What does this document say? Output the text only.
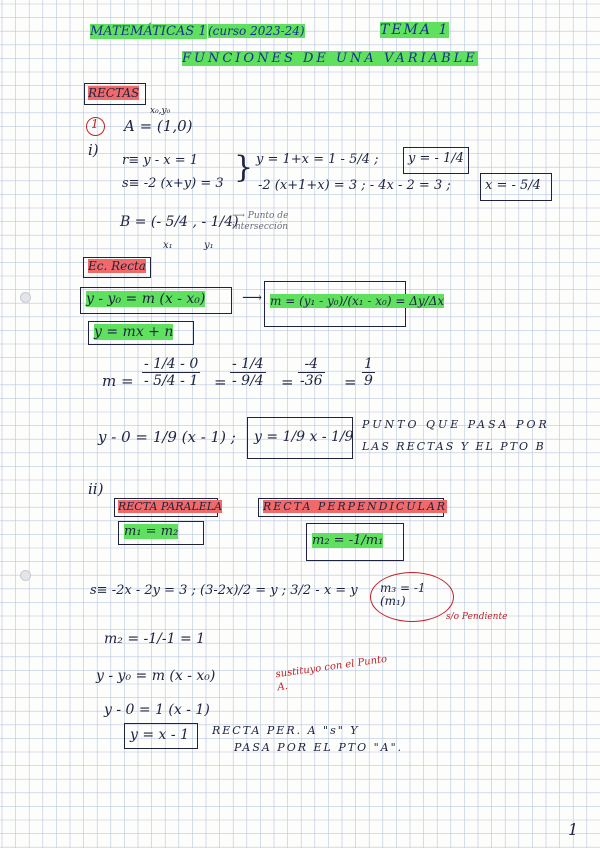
MATEMÁTICAS 1 (curso 2023-24)	TEMA 1
FUNCIONES DE UNA VARIABLE
RECTAS
1
x₀,y₀
A = (1,0)
i)
r≡ y - x = 1
s≡ -2 (x+y) = 3 } y = 1+x = 1 - 5/4 ; y = - 1/4
-2 (x+1+x) = 3 ; - 4x - 2 = 3 ;	x = - 5/4
B = (- 5/4 , - 1/4)
x₁	y₁
⟶ Punto de intersección
Ec. Recta
y - y₀ = m (x - x₀)	⟶ m = (y₁ - y₀)/(x₁ - x₀) = Δy/Δx
y = mx + n
$m = \frac{- 1/4 - 0}{- 5/4 - 1} = \frac{- 1/4}{- 9/4} = \frac{-4}{-36} = \frac{1}{9}$
y - 0 = 1/9 (x - 1) ; y = 1/9 x - 1/9
PUNTO QUE PASA POR
LAS RECTAS Y EL PTO B
ii)
RECTA PARALELA
m₁ = m₂
RECTA PERPENDICULAR
m₂ = -1/m₁
s≡ -2x - 2y = 3 ; (3-2x)/2 = y ; 3/2 - x = y m₃ = -1 (m₁)
s/o Pendiente
m₂ = -1/-1 = 1
y - y₀ = m (x - x₀)	sustituyo con el Punto A.
y - 0 = 1 (x - 1)
y = x - 1 RECTA PER. A "s" Y
PASA POR EL PTO "A".
1
